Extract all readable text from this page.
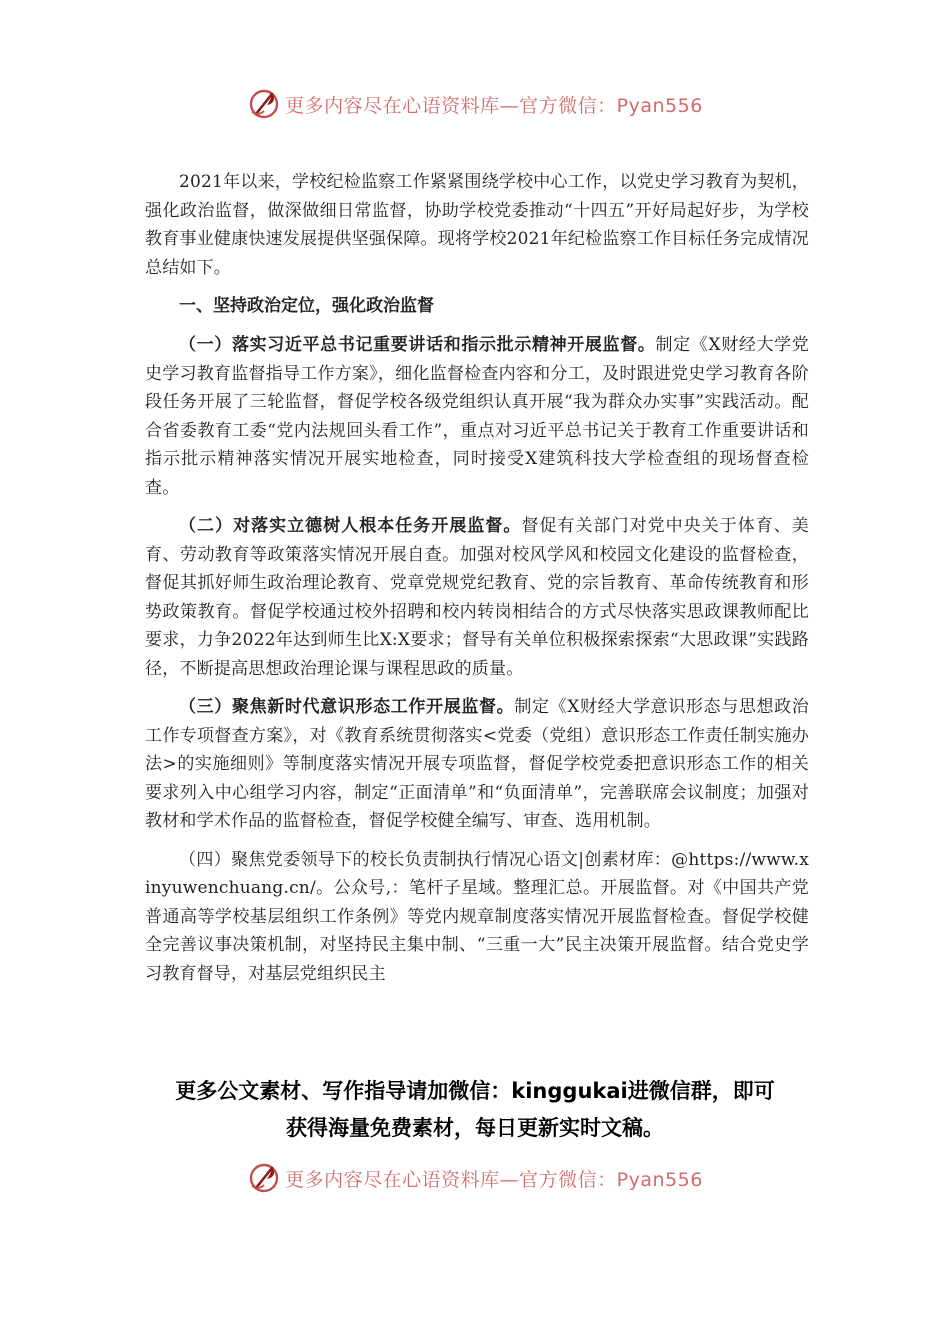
更多内容尽在心语资料库—官方微信：Pyan556

2021年以来，学校纪检监察工作紧紧围绕学校中心工作，以党史学习教育为契机，强化政治监督，做深做细日常监督，协助学校党委推动“十四五”开好局起好步，为学校教育事业健康快速发展提供坚强保障。现将学校2021年纪检监察工作目标任务完成情况总结如下。

一、坚持政治定位，强化政治监督

（一）落实习近平总书记重要讲话和指示批示精神开展监督。制定《X财经大学党史学习教育监督指导工作方案》，细化监督检查内容和分工，及时跟进党史学习教育各阶段任务开展了三轮监督，督促学校各级党组织认真开展“我为群众办实事”实践活动。配合省委教育工委“党内法规回头看工作”，重点对习近平总书记关于教育工作重要讲话和指示批示精神落实情况开展实地检查，同时接受X建筑科技大学检查组的现场督查检查。

（二）对落实立德树人根本任务开展监督。督促有关部门对党中央关于体育、美育、劳动教育等政策落实情况开展自查。加强对校风学风和校园文化建设的监督检查，督促其抓好师生政治理论教育、党章党规党纪教育、党的宗旨教育、革命传统教育和形势政策教育。督促学校通过校外招聘和校内转岗相结合的方式尽快落实思政课教师配比要求，力争2022年达到师生比X:X要求；督导有关单位积极探索探索“大思政课”实践路径，不断提高思想政治理论课与课程思政的质量。

（三）聚焦新时代意识形态工作开展监督。制定《X财经大学意识形态与思想政治工作专项督查方案》，对《教育系统贯彻落实<党委（党组）意识形态工作责任制实施办法>的实施细则》等制度落实情况开展专项监督，督促学校党委把意识形态工作的相关要求列入中心组学习内容，制定“正面清单”和“负面清单”，完善联席会议制度；加强对教材和学术作品的监督检查，督促学校健全编写、审查、选用机制。

（四）聚焦党委领导下的校长负责制执行情况心语文|创素材库：@https://www.xinyuwenchuang.cn/。公众号,：笔杆子星域。整理汇总。开展监督。对《中国共产党普通高等学校基层组织工作条例》等党内规章制度落实情况开展监督检查。督促学校健全完善议事决策机制，对坚持民主集中制、“三重一大”民主决策开展监督。结合党史学习教育督导，对基层党组织民主

更多公文素材、写作指导请加微信：kinggukai进微信群，即可
获得海量免费素材，每日更新实时文稿。
更多内容尽在心语资料库—官方微信：Pyan556
